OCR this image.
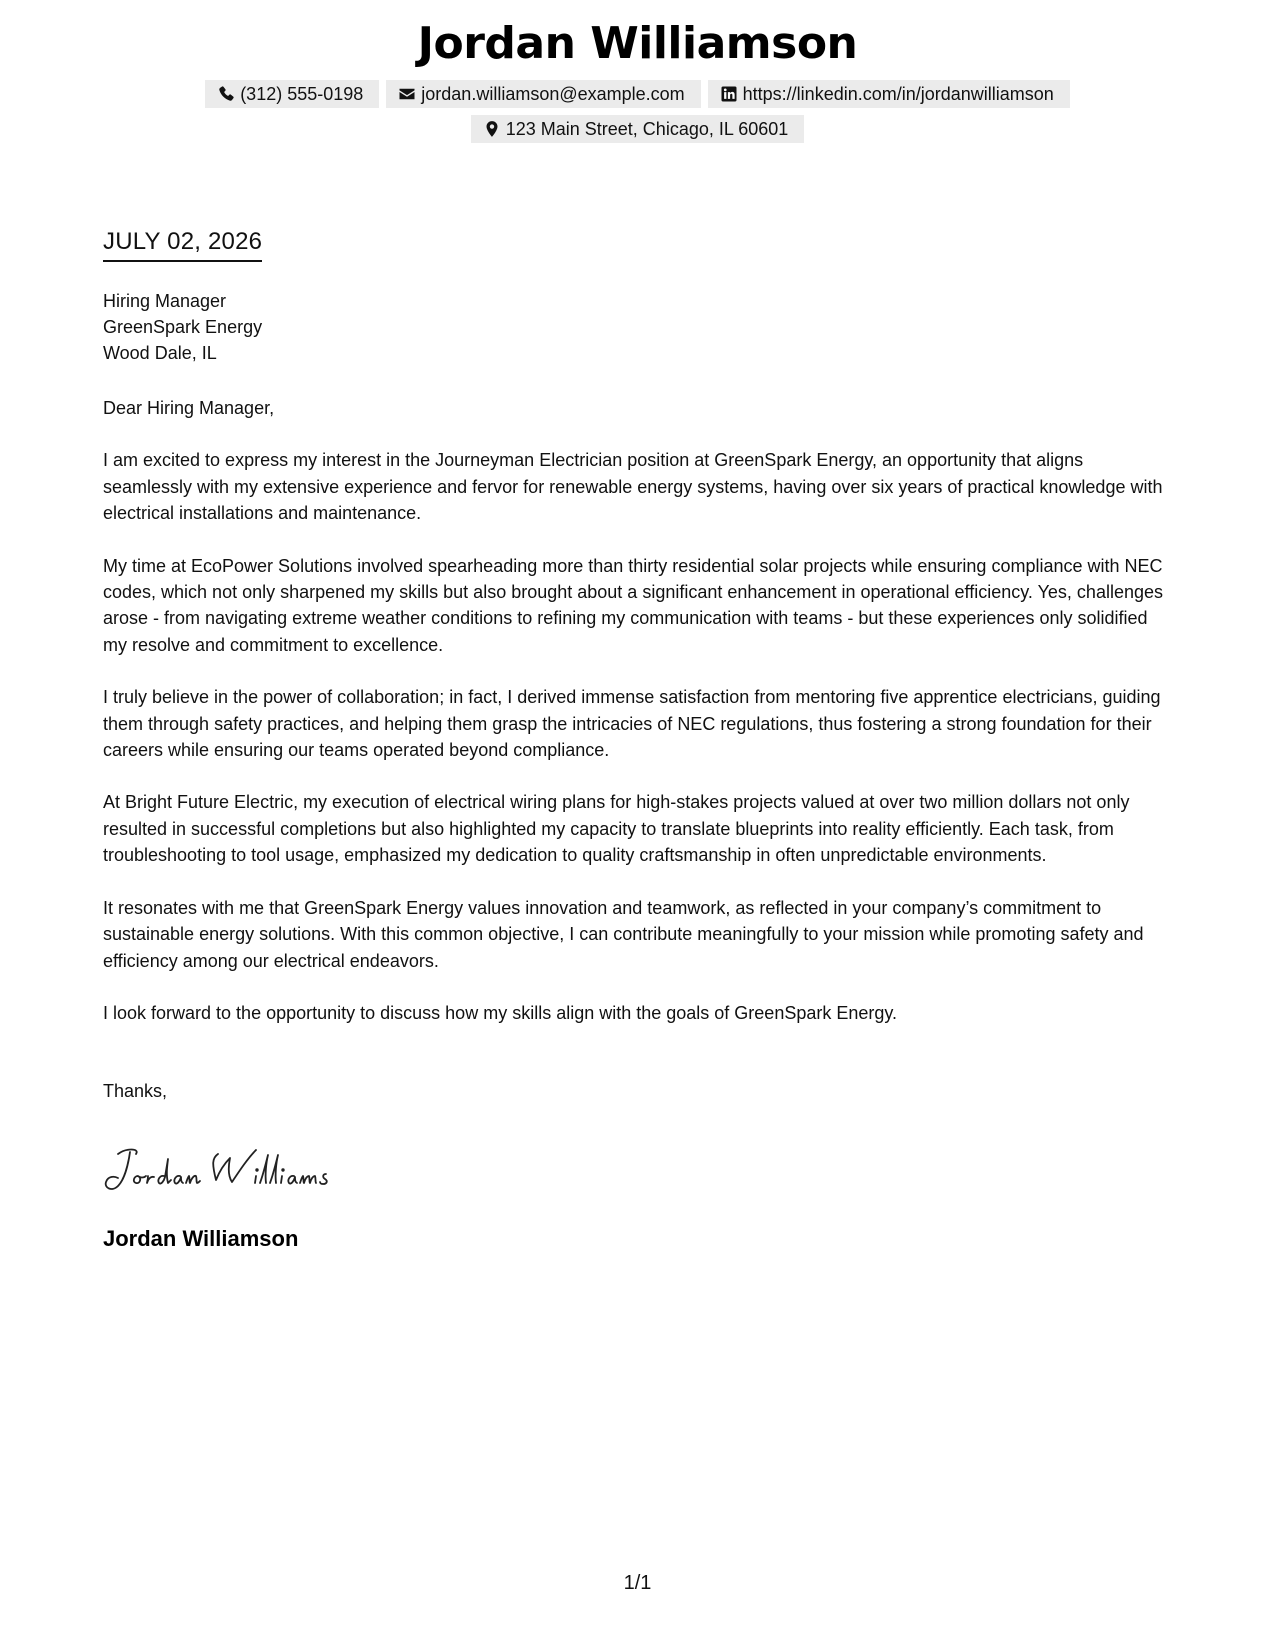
Jordan Williamson
(312) 555-0198	jordan.williamson@example.com	https://linkedin.com/in/jordanwilliamson
123 Main Street, Chicago, IL 60601
JULY 02, 2026
Hiring Manager
GreenSpark Energy
Wood Dale, IL

Dear Hiring Manager,

I am excited to express my interest in the Journeyman Electrician position at GreenSpark Energy, an opportunity that aligns seamlessly with my extensive experience and fervor for renewable energy systems, having over six years of practical knowledge with electrical installations and maintenance.

My time at EcoPower Solutions involved spearheading more than thirty residential solar projects while ensuring compliance with NEC codes, which not only sharpened my skills but also brought about a significant enhancement in operational efficiency. Yes, challenges arose - from navigating extreme weather conditions to refining my communication with teams - but these experiences only solidified my resolve and commitment to excellence.

I truly believe in the power of collaboration; in fact, I derived immense satisfaction from mentoring five apprentice electricians, guiding them through safety practices, and helping them grasp the intricacies of NEC regulations, thus fostering a strong foundation for their careers while ensuring our teams operated beyond compliance.

At Bright Future Electric, my execution of electrical wiring plans for high-stakes projects valued at over two million dollars not only resulted in successful completions but also highlighted my capacity to translate blueprints into reality efficiently. Each task, from troubleshooting to tool usage, emphasized my dedication to quality craftsmanship in often unpredictable environments.

It resonates with me that GreenSpark Energy values innovation and teamwork, as reflected in your company’s commitment to sustainable energy solutions. With this common objective, I can contribute meaningfully to your mission while promoting safety and efficiency among our electrical endeavors.

I look forward to the opportunity to discuss how my skills align with the goals of GreenSpark Energy.

Thanks,
Jordan Williamson
1/1
